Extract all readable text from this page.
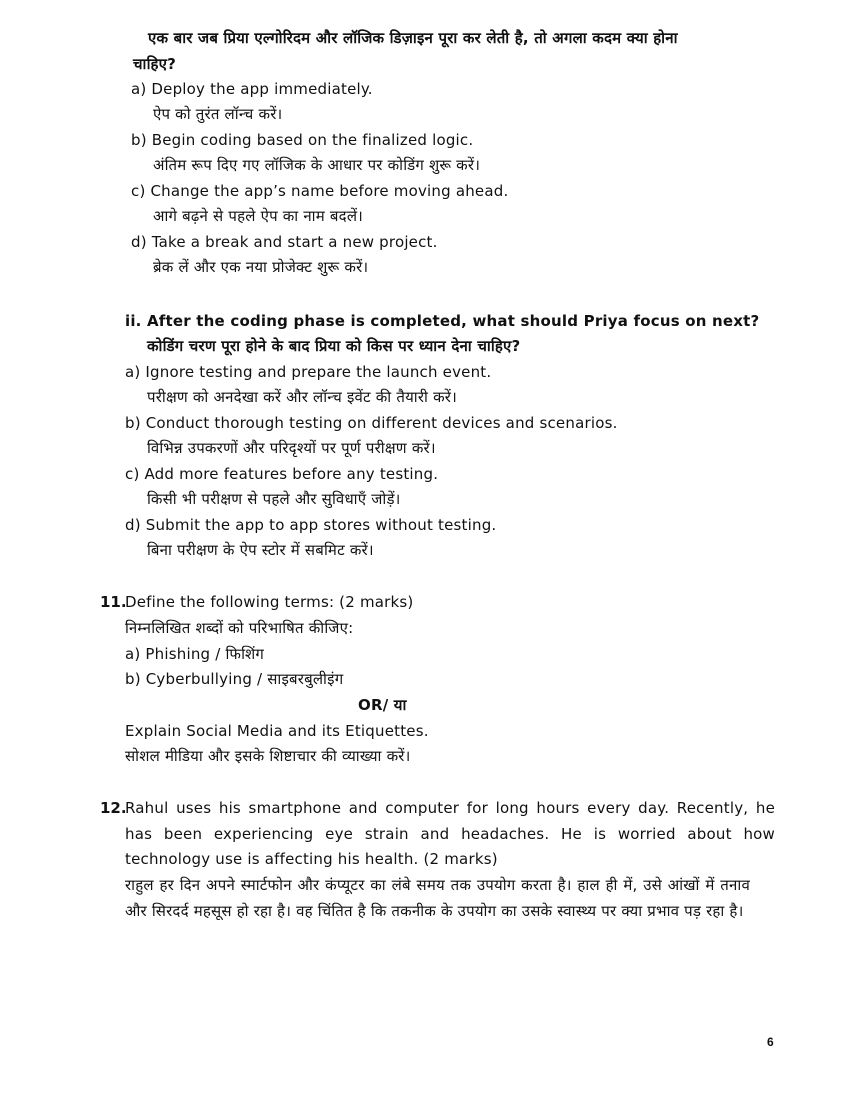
एक बार जब प्रिया एल्गोरिदम और लॉजिक डिज़ाइन पूरा कर लेती है, तो अगला कदम क्या होना
चाहिए?
a) Deploy the app immediately.
ऐप को तुरंत लॉन्च करें।
b) Begin coding based on the finalized logic.
अंतिम रूप दिए गए लॉजिक के आधार पर कोडिंग शुरू करें।
c) Change the app’s name before moving ahead.
आगे बढ़ने से पहले ऐप का नाम बदलें।
d) Take a break and start a new project.
ब्रेक लें और एक नया प्रोजेक्ट शुरू करें।
ii. After the coding phase is completed, what should Priya focus on next?
कोडिंग चरण पूरा होने के बाद प्रिया को किस पर ध्यान देना चाहिए?
a) Ignore testing and prepare the launch event.
परीक्षण को अनदेखा करें और लॉन्च इवेंट की तैयारी करें।
b) Conduct thorough testing on different devices and scenarios.
विभिन्न उपकरणों और परिदृश्यों पर पूर्ण परीक्षण करें।
c) Add more features before any testing.
किसी भी परीक्षण से पहले और सुविधाएँ जोड़ें।
d) Submit the app to app stores without testing.
बिना परीक्षण के ऐप स्टोर में सबमिट करें।
11.
Define the following terms: (2 marks)
निम्नलिखित शब्दों को परिभाषित कीजिए:
a) Phishing / फिशिंग
b) Cyberbullying / साइबरबुलीइंग
OR/ या
Explain Social Media and its Etiquettes.
सोशल मीडिया और इसके शिष्टाचार की व्याख्या करें।
12.
Rahul uses his smartphone and computer for long hours every day. Recently, he has been experiencing eye strain and headaches. He is worried about how technology use is affecting his health. (2 marks)
राहुल हर दिन अपने स्मार्टफोन और कंप्यूटर का लंबे समय तक उपयोग करता है। हाल ही में, उसे आंखों में तनाव और सिरदर्द महसूस हो रहा है। वह चिंतित है कि तकनीक के उपयोग का उसके स्वास्थ्य पर क्या प्रभाव पड़ रहा है।
6
